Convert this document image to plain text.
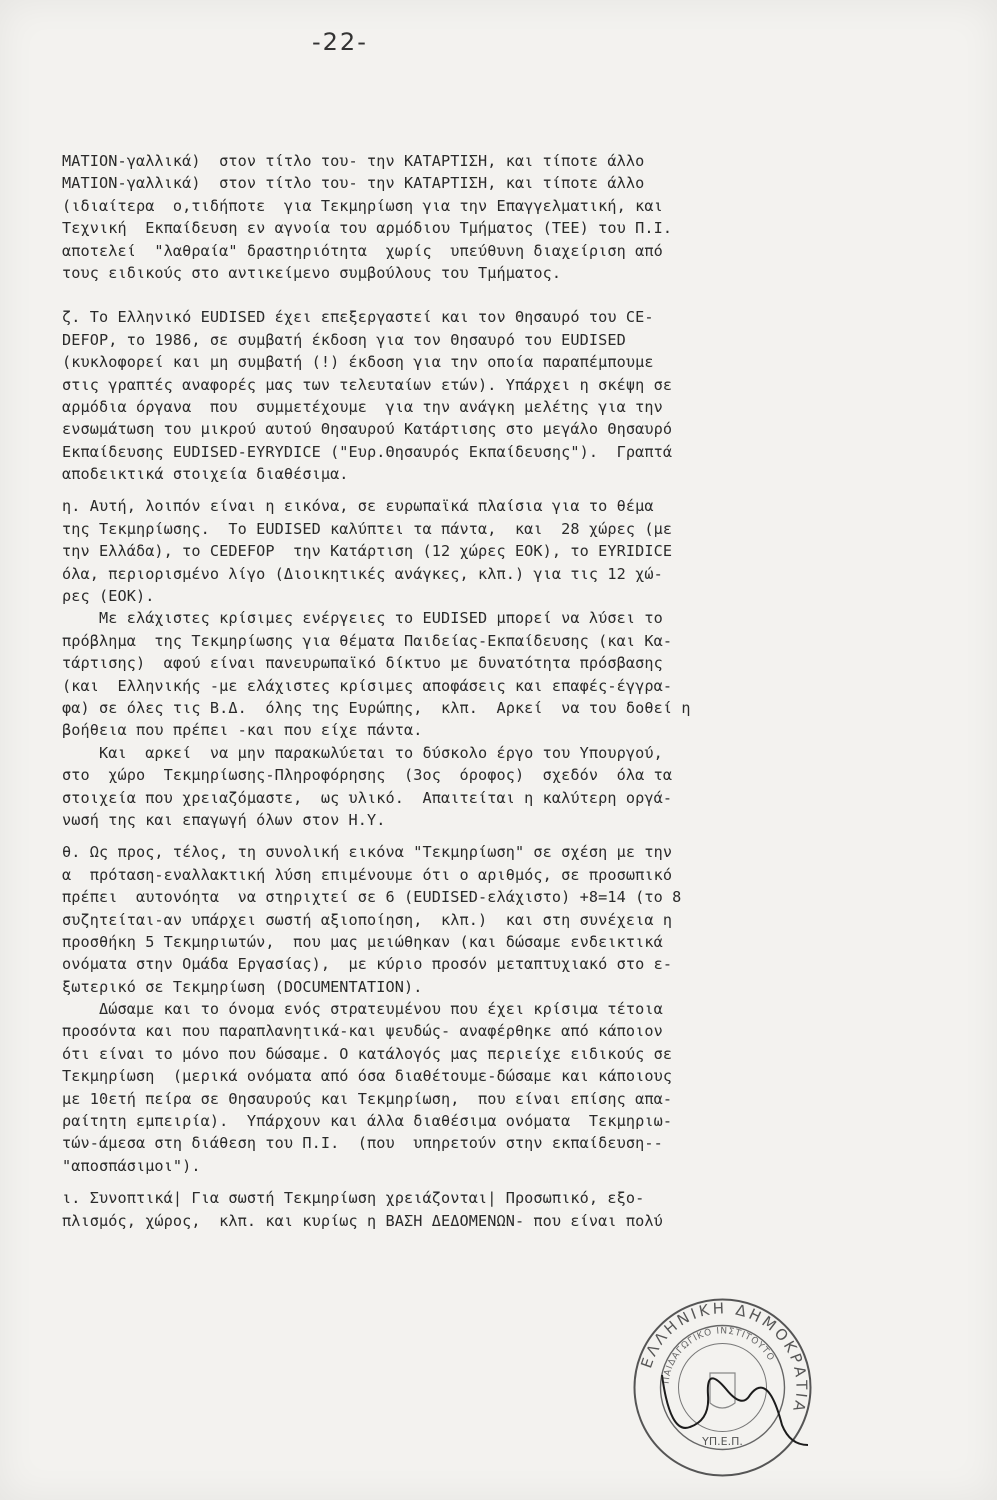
-22-
MATION-γαλλικά)  στον τίτλο του- την ΚΑΤΑΡΤΙΣΗ, και τίποτε άλλο
MATION-γαλλικά)  στον τίτλο του- την ΚΑΤΑΡΤΙΣΗ, και τίποτε άλλο
(ιδιαίτερα  ο,τιδήποτε  για Τεκμηρίωση για την Επαγγελματική, και
Τεχνική  Εκπαίδευση εν αγνοία του αρμόδιου Τμήματος (ΤΕΕ) του Π.Ι.
αποτελεί  "λαθραία" δραστηριότητα  χωρίς  υπεύθυνη διαχείριση από
τους ειδικούς στο αντικείμενο συμβούλους του Τμήματος.
ζ. Το Ελληνικό EUDISED έχει επεξεργαστεί και τον Θησαυρό του CE-
DEFOP, το 1986, σε συμβατή έκδοση για τον Θησαυρό του EUDISED
(κυκλοφορεί και μη συμβατή (!) έκδοση για την οποία παραπέμπουμε
στις γραπτές αναφορές μας των τελευταίων ετών). Υπάρχει η σκέψη σε
αρμόδια όργανα  που  συμμετέχουμε  για την ανάγκη μελέτης για την
ενσωμάτωση του μικρού αυτού Θησαυρού Κατάρτισης στο μεγάλο Θησαυρό
Εκπαίδευσης EUDISED-EYRYDICE ("Ευρ.Θησαυρός Εκπαίδευσης").  Γραπτά
αποδεικτικά στοιχεία διαθέσιμα.
η. Αυτή, λοιπόν είναι η εικόνα, σε ευρωπαϊκά πλαίσια για το θέμα
της Τεκμηρίωσης.  Το EUDISED καλύπτει τα πάντα,  και  28 χώρες (με
την Ελλάδα), το CEDEFOP  την Κατάρτιση (12 χώρες ΕΟΚ), το EYRIDICE
όλα, περιορισμένο λίγο (Διοικητικές ανάγκες, κλπ.) για τις 12 χώ-
ρες (ΕΟΚ).
Με ελάχιστες κρίσιμες ενέργειες το EUDISED μπορεί να λύσει το
πρόβλημα  της Τεκμηρίωσης για θέματα Παιδείας-Εκπαίδευσης (και Κα-
τάρτισης)  αφού είναι πανευρωπαϊκό δίκτυο με δυνατότητα πρόσβασης
(και  Ελληνικής -με ελάχιστες κρίσιμες αποφάσεις και επαφές-έγγρα-
φα) σε όλες τις Β.Δ.  όλης της Ευρώπης,  κλπ.  Αρκεί  να του δοθεί η
βοήθεια που πρέπει -και που είχε πάντα.
Και  αρκεί  να μην παρακωλύεται το δύσκολο έργο του Υπουργού,
στο  χώρο  Τεκμηρίωσης-Πληροφόρησης  (3ος  όροφος)  σχεδόν  όλα τα
στοιχεία που χρειαζόμαστε,  ως υλικό.  Απαιτείται η καλύτερη οργά-
νωσή της και επαγωγή όλων στον Η.Υ.
θ. Ως προς, τέλος, τη συνολική εικόνα "Τεκμηρίωση" σε σχέση με την
α  πρόταση-εναλλακτική λύση επιμένουμε ότι ο αριθμός, σε προσωπικό
πρέπει  αυτονόητα  να στηριχτεί σε 6 (EUDISED-ελάχιστο) +8=14 (το 8
συζητείται-αν υπάρχει σωστή αξιοποίηση,  κλπ.)  και στη συνέχεια η
προσθήκη 5 Τεκμηριωτών,  που μας μειώθηκαν (και δώσαμε ενδεικτικά
ονόματα στην Ομάδα Εργασίας),  με κύριο προσόν μεταπτυχιακό στο ε-
ξωτερικό σε Τεκμηρίωση (DOCUMENTATION).
Δώσαμε και το όνομα ενός στρατευμένου που έχει κρίσιμα τέτοια
προσόντα και που παραπλανητικά-και ψευδώς- αναφέρθηκε από κάποιον
ότι είναι το μόνο που δώσαμε. Ο κατάλογός μας περιείχε ειδικούς σε
Τεκμηρίωση  (μερικά ονόματα από όσα διαθέτουμε-δώσαμε και κάποιους
με 10ετή πείρα σε Θησαυρούς και Τεκμηρίωση,  που είναι επίσης απα-
ραίτητη εμπειρία).  Υπάρχουν και άλλα διαθέσιμα ονόματα  Τεκμηριω-
τών-άμεσα στη διάθεση του Π.Ι.  (που  υπηρετούν στην εκπαίδευση--
"αποσπάσιμοι").
ι. Συνοπτικά| Για σωστή Τεκμηρίωση χρειάζονται| Προσωπικό, εξο-
πλισμός, χώρος,  κλπ. και κυρίως η ΒΑΣΗ ΔΕΔΟΜΕΝΩΝ- που είναι πολύ
ΕΛΛΗΝΙΚΗ ΔΗΜΟΚΡΑΤΙΑ
ΠΑΙΔΑΓΩΓΙΚΟ ΙΝΣΤΙΤΟΥΤΟ
ΥΠ.Ε.Π.
